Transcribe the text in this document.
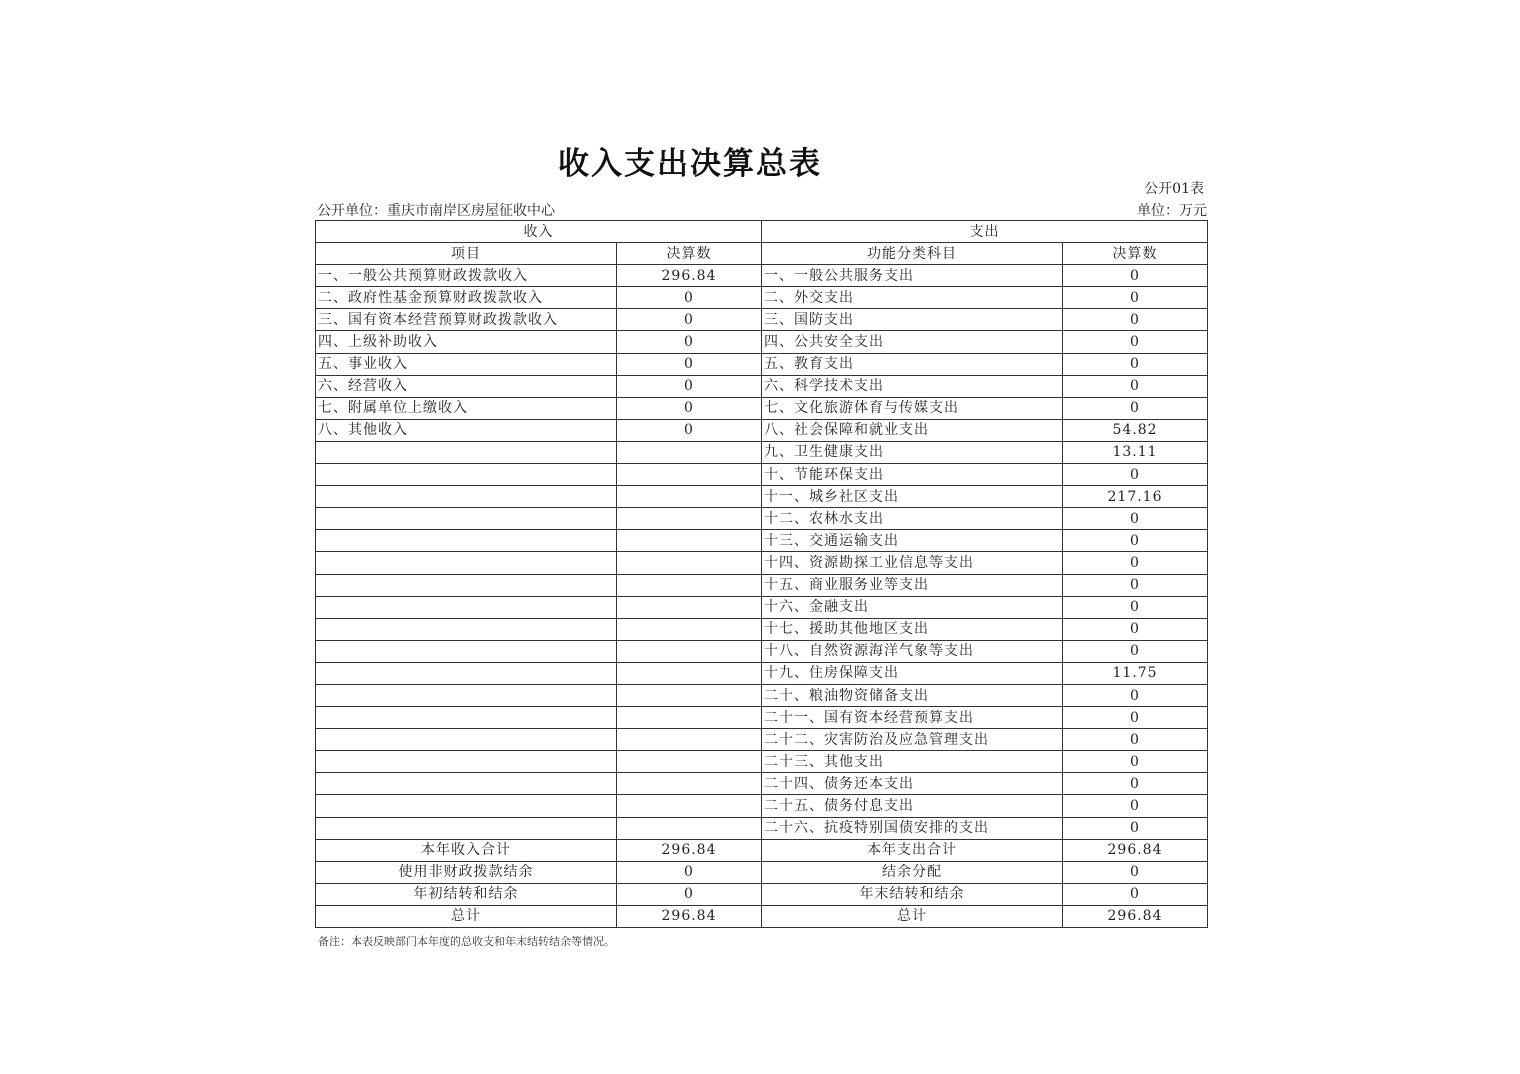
收入支出决算总表
公开01表
公开单位：重庆市南岸区房屋征收中心	单位：万元
收入		支出	
项目	决算数	功能分类科目	决算数
一、一般公共预算财政拨款收入	296.84	一、一般公共服务支出	0
二、政府性基金预算财政拨款收入	0	二、外交支出	0
三、国有资本经营预算财政拨款收入	0	三、国防支出	0
四、上级补助收入	0	四、公共安全支出	0
五、事业收入	0	五、教育支出	0
六、经营收入	0	六、科学技术支出	0
七、附属单位上缴收入	0	七、文化旅游体育与传媒支出	0
八、其他收入	0	八、社会保障和就业支出	54.82
		九、卫生健康支出	13.11
		十、节能环保支出	0
		十一、城乡社区支出	217.16
		十二、农林水支出	0
		十三、交通运输支出	0
		十四、资源勘探工业信息等支出	0
		十五、商业服务业等支出	0
		十六、金融支出	0
		十七、援助其他地区支出	0
		十八、自然资源海洋气象等支出	0
		十九、住房保障支出	11.75
		二十、粮油物资储备支出	0
		二十一、国有资本经营预算支出	0
		二十二、灾害防治及应急管理支出	0
		二十三、其他支出	0
		二十四、债务还本支出	0
		二十五、债务付息支出	0
		二十六、抗疫特别国债安排的支出	0
本年收入合计	296.84	本年支出合计	296.84
使用非财政拨款结余	0	结余分配	0
年初结转和结余	0	年末结转和结余	0
总计	296.84	总计	296.84
备注：本表反映部门本年度的总收支和年末结转结余等情况。
